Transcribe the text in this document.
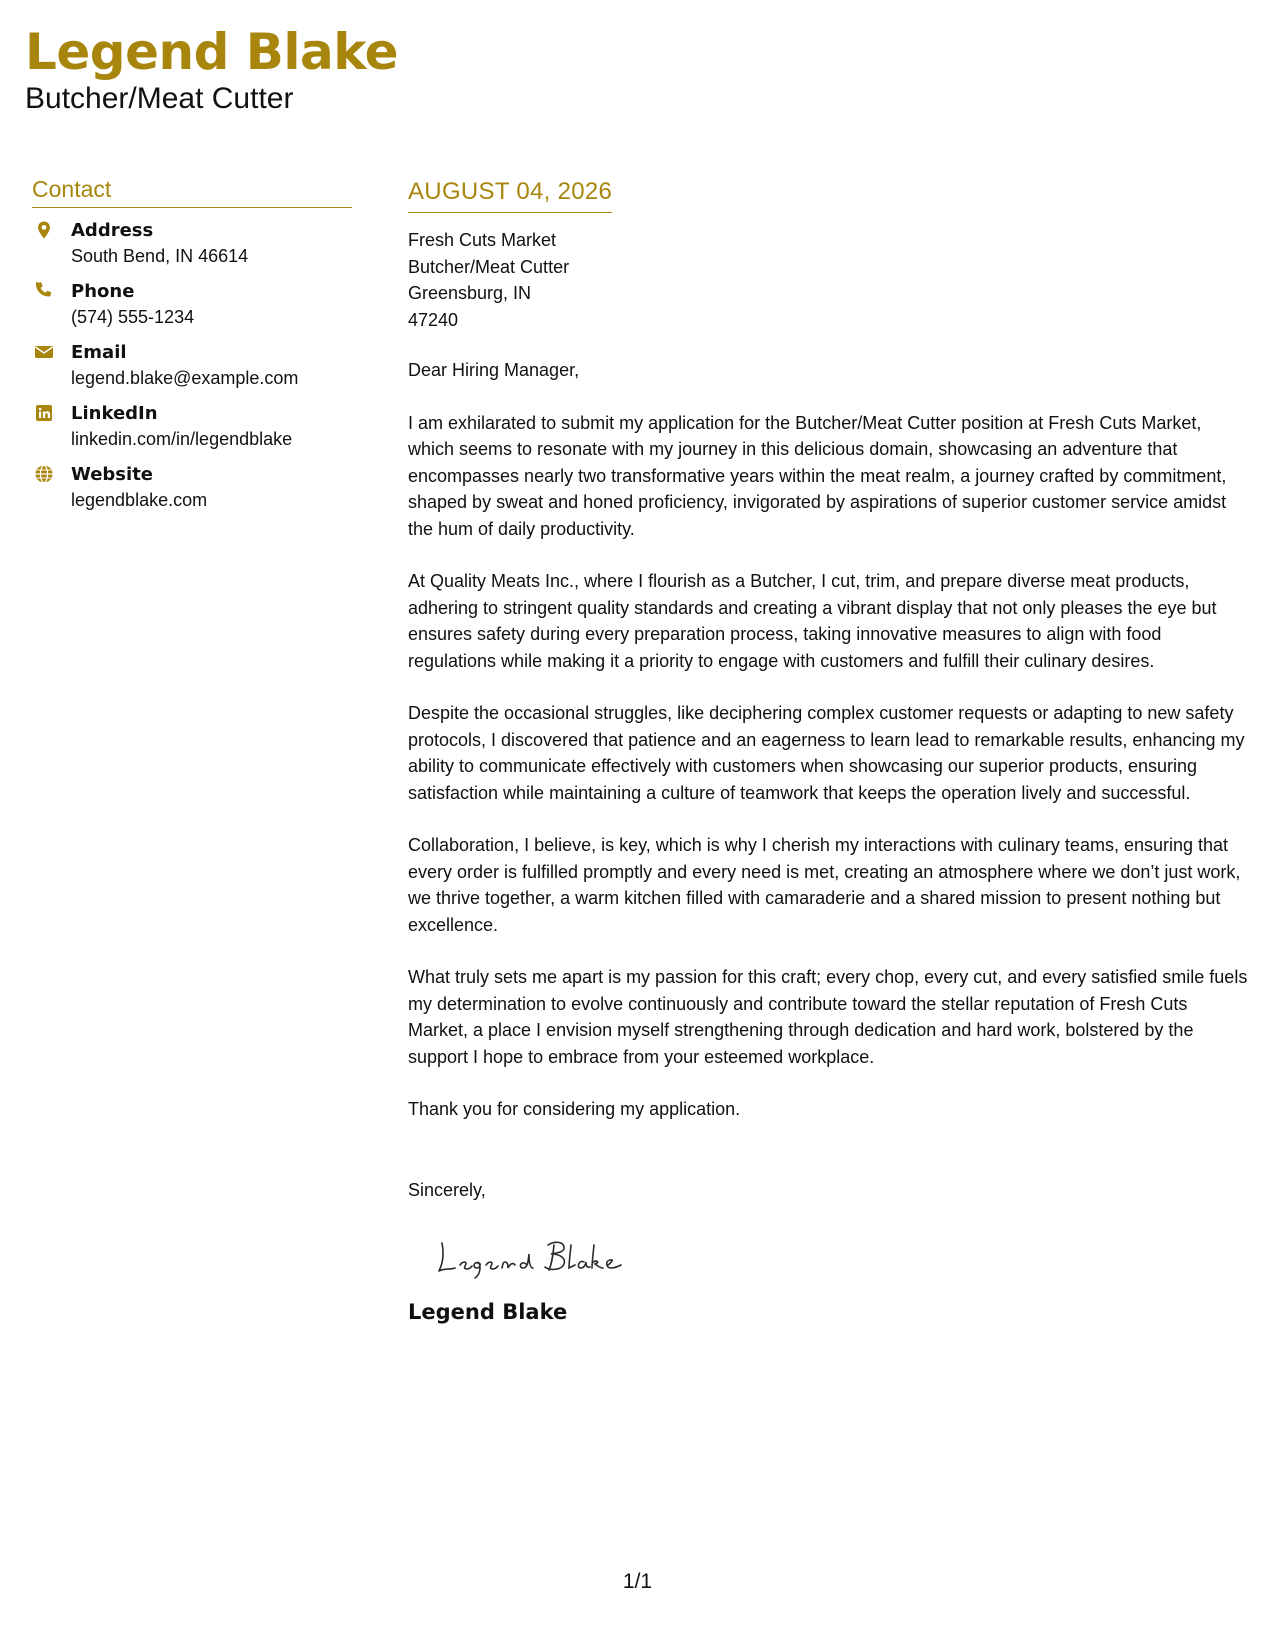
Legend Blake
Butcher/Meat Cutter
Contact
Address
South Bend, IN 46614
Phone
(574) 555-1234
Email
legend.blake@example.com
LinkedIn
linkedin.com/in/legendblake
Website
legendblake.com
AUGUST 04, 2026
Fresh Cuts Market
Butcher/Meat Cutter
Greensburg, IN
47240
Dear Hiring Manager,
I am exhilarated to submit my application for the Butcher/Meat Cutter position at Fresh Cuts Market, which seems to resonate with my journey in this delicious domain, showcasing an adventure that encompasses nearly two transformative years within the meat realm, a journey crafted by commitment, shaped by sweat and honed proficiency, invigorated by aspirations of superior customer service amidst the hum of daily productivity.
At Quality Meats Inc., where I flourish as a Butcher, I cut, trim, and prepare diverse meat products, adhering to stringent quality standards and creating a vibrant display that not only pleases the eye but ensures safety during every preparation process, taking innovative measures to align with food regulations while making it a priority to engage with customers and fulfill their culinary desires.
Despite the occasional struggles, like deciphering complex customer requests or adapting to new safety protocols, I discovered that patience and an eagerness to learn lead to remarkable results, enhancing my ability to communicate effectively with customers when showcasing our superior products, ensuring satisfaction while maintaining a culture of teamwork that keeps the operation lively and successful.
Collaboration, I believe, is key, which is why I cherish my interactions with culinary teams, ensuring that every order is fulfilled promptly and every need is met, creating an atmosphere where we don’t just work, we thrive together, a warm kitchen filled with camaraderie and a shared mission to present nothing but excellence.
What truly sets me apart is my passion for this craft; every chop, every cut, and every satisfied smile fuels my determination to evolve continuously and contribute toward the stellar reputation of Fresh Cuts Market, a place I envision myself strengthening through dedication and hard work, bolstered by the support I hope to embrace from your esteemed workplace.
Thank you for considering my application.
Sincerely,
Legend Blake
1/1
